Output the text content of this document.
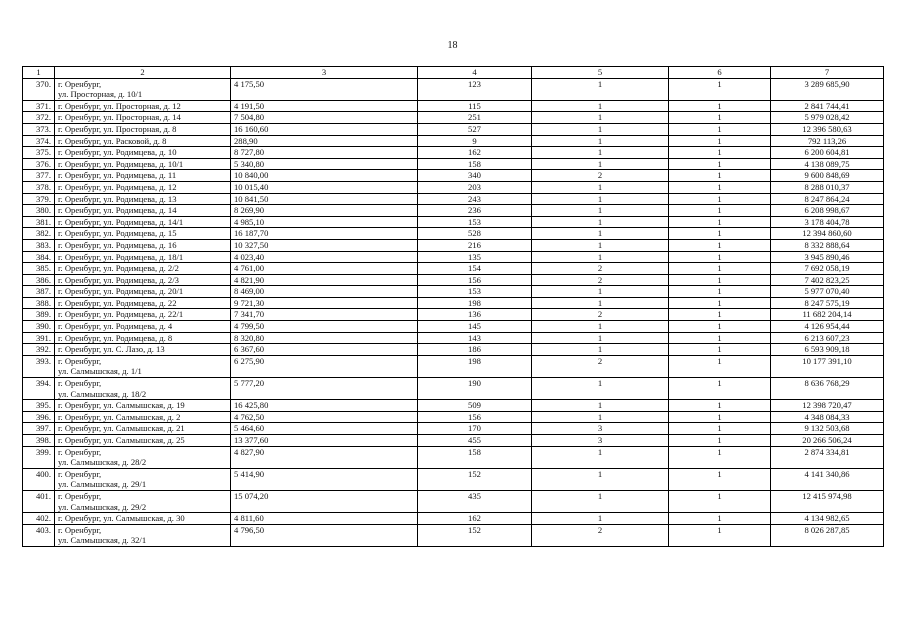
18
1	2	3	4	5	6	7
370.	г. Оренбург,
ул. Просторная, д. 10/1	4 175,50	123	1	1	3 289 685,90
371.	г. Оренбург, ул. Просторная, д. 12	4 191,50	115	1	1	2 841 744,41
372.	г. Оренбург, ул. Просторная, д. 14	7 504,80	251	1	1	5 979 028,42
373.	г. Оренбург, ул. Просторная, д. 8	16 160,60	527	1	1	12 396 580,63
374.	г. Оренбург, ул. Расковой, д. 8	288,90	9	1	1	792 113,26
375.	г. Оренбург, ул. Родимцева, д. 10	8 727,80	162	1	1	6 200 604,81
376.	г. Оренбург, ул. Родимцева, д. 10/1	5 340,80	158	1	1	4 138 089,75
377.	г. Оренбург, ул. Родимцева, д. 11	10 840,00	340	2	1	9 600 848,69
378.	г. Оренбург, ул. Родимцева, д. 12	10 015,40	203	1	1	8 288 010,37
379.	г. Оренбург, ул. Родимцева, д. 13	10 841,50	243	1	1	8 247 864,24
380.	г. Оренбург, ул. Родимцева, д. 14	8 269,90	236	1	1	6 208 998,67
381.	г. Оренбург, ул. Родимцева, д. 14/1	4 985,10	153	1	1	3 178 404,78
382.	г. Оренбург, ул. Родимцева, д. 15	16 187,70	528	1	1	12 394 860,60
383.	г. Оренбург, ул. Родимцева, д. 16	10 327,50	216	1	1	8 332 888,64
384.	г. Оренбург, ул. Родимцева, д. 18/1	4 023,40	135	1	1	3 945 890,46
385.	г. Оренбург, ул. Родимцева, д. 2/2	4 761,00	154	2	1	7 692 058,19
386.	г. Оренбург, ул. Родимцева, д. 2/3	4 821,90	156	2	1	7 402 823,25
387.	г. Оренбург, ул. Родимцева, д. 20/1	8 469,00	153	1	1	5 977 070,40
388.	г. Оренбург, ул. Родимцева, д. 22	9 721,30	198	1	1	8 247 575,19
389.	г. Оренбург, ул. Родимцева, д. 22/1	7 341,70	136	2	1	11 682 204,14
390.	г. Оренбург, ул. Родимцева, д. 4	4 799,50	145	1	1	4 126 954,44
391.	г. Оренбург, ул. Родимцева, д. 8	8 320,80	143	1	1	6 213 607,23
392.	г. Оренбург, ул. С. Лазо, д. 13	6 367,60	186	1	1	6 593 909,18
393.	г. Оренбург,
ул. Салмышская, д. 1/1	6 275,90	198	2	1	10 177 391,10
394.	г. Оренбург,
ул. Салмышская, д. 18/2	5 777,20	190	1	1	8 636 768,29
395.	г. Оренбург, ул. Салмышская, д. 19	16 425,80	509	1	1	12 398 720,47
396.	г. Оренбург, ул. Салмышская, д. 2	4 762,50	156	1	1	4 348 084,33
397.	г. Оренбург, ул. Салмышская, д. 21	5 464,60	170	3	1	9 132 503,68
398.	г. Оренбург, ул. Салмышская, д. 25	13 377,60	455	3	1	20 266 506,24
399.	г. Оренбург,
ул. Салмышская, д. 28/2	4 827,90	158	1	1	2 874 334,81
400.	г. Оренбург,
ул. Салмышская, д. 29/1	5 414,90	152	1	1	4 141 340,86
401.	г. Оренбург,
ул. Салмышская, д. 29/2	15 074,20	435	1	1	12 415 974,98
402.	г. Оренбург, ул. Салмышская, д. 30	4 811,60	162	1	1	4 134 982,65
403.	г. Оренбург,
ул. Салмышская, д. 32/1	4 796,50	152	2	1	8 026 287,85
